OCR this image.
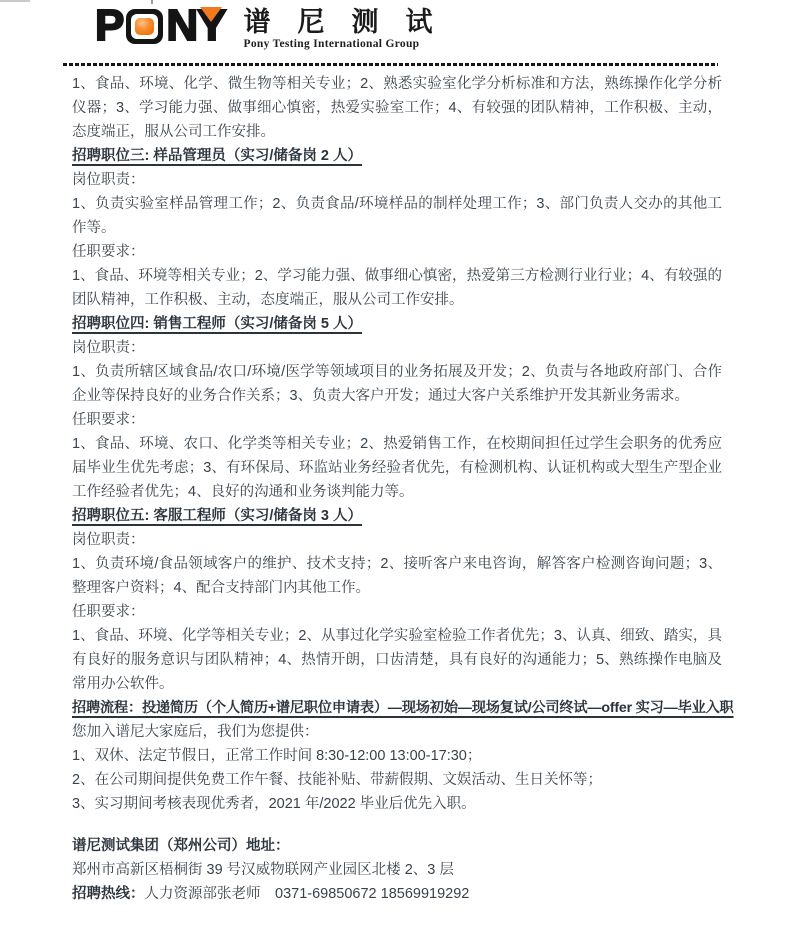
P N Y 谱尼测试
Pony Testing International Group

1、食品、环境、化学、微生物等相关专业；2、熟悉实验室化学分析标准和方法，熟练操作化学分析仪器；3、学习能力强、做事细心慎密，热爱实验室工作；4、有较强的团队精神，工作积极、主动，态度端正，服从公司工作安排。

招聘职位三: 样品管理员（实习/储备岗 2 人）

岗位职责：

1、负责实验室样品管理工作；2、负责食品/环境样品的制样处理工作；3、部门负责人交办的其他工作等。

任职要求：

1、食品、环境等相关专业；2、学习能力强、做事细心慎密，热爱第三方检测行业行业；4、有较强的团队精神，工作积极、主动，态度端正，服从公司工作安排。

招聘职位四: 销售工程师（实习/储备岗 5 人）

岗位职责：

1、负责所辖区域食品/农口/环境/医学等领域项目的业务拓展及开发；2、负责与各地政府部门、合作企业等保持良好的业务合作关系；3、负责大客户开发；通过大客户关系维护开发其新业务需求。

任职要求：

1、食品、环境、农口、化学类等相关专业；2、热爱销售工作，在校期间担任过学生会职务的优秀应届毕业生优先考虑；3、有环保局、环监站业务经验者优先，有检测机构、认证机构或大型生产型企业工作经验者优先；4、良好的沟通和业务谈判能力等。

招聘职位五: 客服工程师（实习/储备岗 3 人）

岗位职责：

1、负责环境/食品领域客户的维护、技术支持；2、接听客户来电咨询，解答客户检测咨询问题；3、整理客户资料；4、配合支持部门内其他工作。

任职要求：

1、食品、环境、化学等相关专业；2、从事过化学实验室检验工作者优先；3、认真、细致、踏实，具有良好的服务意识与团队精神；4、热情开朗，口齿清楚，具有良好的沟通能力；5、熟练操作电脑及常用办公软件。

招聘流程：投递简历（个人简历+谱尼职位申请表）—现场初始—现场复试/公司终试—offer 实习—毕业入职

您加入谱尼大家庭后，我们为您提供：

1、双休、法定节假日，正常工作时间 8:30-12:00 13:00-17:30；

2、在公司期间提供免费工作午餐、技能补贴、带薪假期、文娱活动、生日关怀等；

3、实习期间考核表现优秀者，2021 年/2022 毕业后优先入职。

谱尼测试集团（郑州公司）地址：

郑州市高新区梧桐街 39 号汉威物联网产业园区北楼 2、3 层

招聘热线：人力资源部张老师　0371-69850672 18569919292
